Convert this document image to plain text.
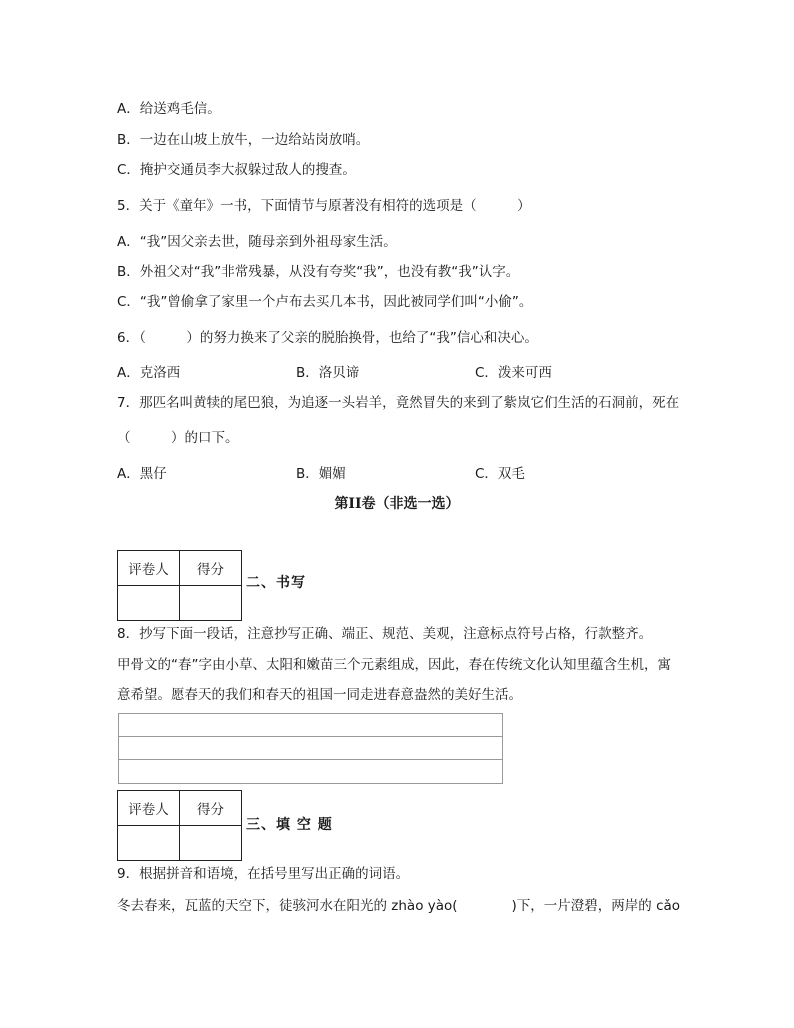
A．给送鸡毛信。
B．一边在山坡上放牛，一边给站岗放哨。
C．掩护交通员李大叔躲过敌人的搜查。
5．关于《童年》一书，下面情节与原著没有相符的选项是（　　　）
A．“我”因父亲去世，随母亲到外祖母家生活。
B．外祖父对“我”非常残暴，从没有夸奖“我”，也没有教“我”认字。
C．“我”曾偷拿了家里一个卢布去买几本书，因此被同学们叫“小偷”。
6．（　　　）的努力换来了父亲的脱胎换骨，也给了“我”信心和决心。
A．克洛西	B．洛贝谛	C．泼来可西
7．那匹名叫黄犊的尾巴狼，为追逐一头岩羊，竟然冒失的来到了紫岚它们生活的石洞前，死在
（　　　）的口下。
A．黑仔	B．媚媚	C．双毛
第II卷（非选一选）
评卷人	得分

二、书写
8．抄写下面一段话，注意抄写正确、端正、规范、美观，注意标点符号占格，行款整齐。
甲骨文的“春”字由小草、太阳和嫩苗三个元素组成，因此，春在传统文化认知里蕴含生机，寓
意希望。愿春天的我们和春天的祖国一同走进春意盎然的美好生活。
评卷人	得分

三、填 空 题
9．根据拼音和语境，在括号里写出正确的词语。
冬去春来，瓦蓝的天空下，徒骇河水在阳光的 zhào yào(　　　　)下，一片澄碧，两岸的 cǎo
